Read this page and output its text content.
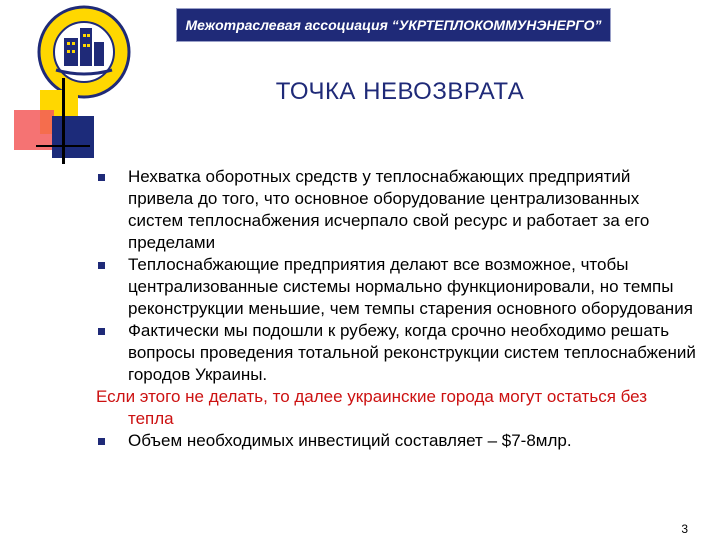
Межотраслевая ассоциация “УКРТЕПЛОКОММУНЭНЕРГО”
ТОЧКА НЕВОЗВРАТА

Нехватка оборотных средств у теплоснабжающих предприятий привела до того, что основное оборудование централизованных систем теплоснабжения исчерпало свой ресурс и работает за его пределами

Теплоснабжающие предприятия делают все возможное, чтобы централизованные системы нормально функционировали, но темпы реконструкции меньшие, чем темпы старения основного оборудования

Фактически мы подошли к рубежу, когда срочно необходимо решать вопросы проведения тотальной реконструкции систем теплоснабжений городов Украины.

Если этого не делать, то далее украинские города могут остаться без тепла

Объем необходимых инвестиций составляет – $7-8млр.

3
